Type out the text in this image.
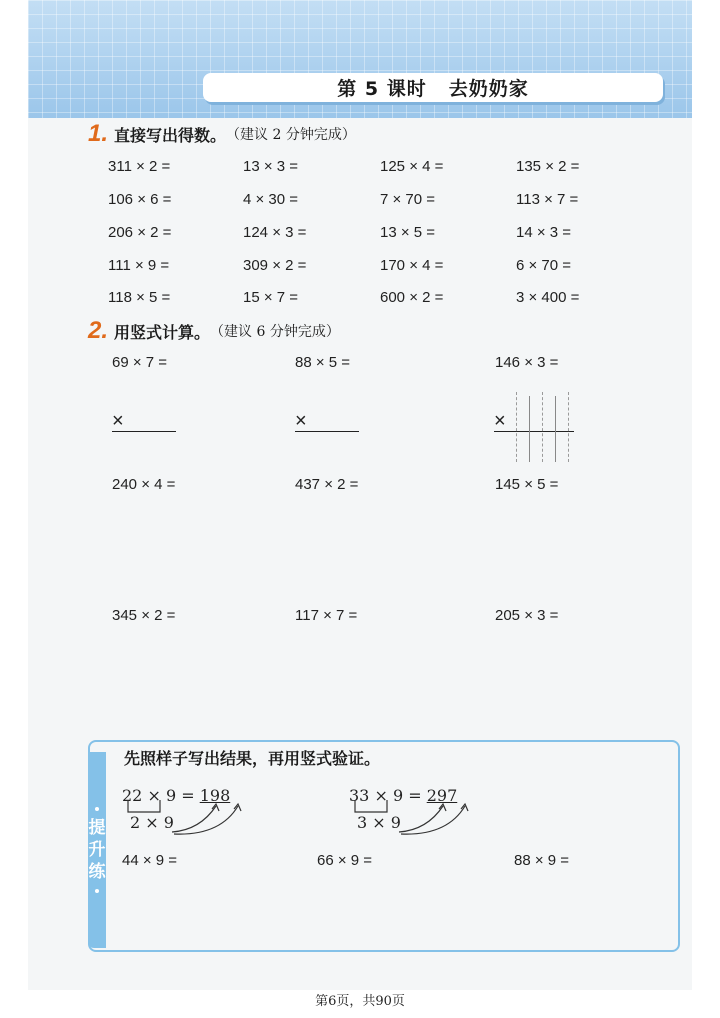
第 5 课时 去奶奶家
1. 直接写出得数。 （建议 2 分钟完成）
311 × 2 =	13 × 3 =	125 × 4 =	135 × 2 =
106 × 6 =	4 × 30 =	7 × 70 =	113 × 7 =
206 × 2 =	124 × 3 =	13 × 5 =	14 × 3 =
111 × 9 =	309 × 2 =	170 × 4 =	6 × 70 =
118 × 5 =	15 × 7 =	600 × 2 =	3 × 400 =
2. 用竖式计算。 （建议 6 分钟完成）
69 × 7 =	88 × 5 =	146 × 3 =
240 × 4 =	437 × 2 =	145 × 5 =
345 × 2 =	117 × 7 =	205 × 3 =
×	×	×
提
升
练
先照样子写出结果，再用竖式验证。
22 × 9 = 198
2 × 9
33 × 9 = 297
3 × 9
44 × 9 =	66 × 9 =	88 × 9 =
第6页，共90页
